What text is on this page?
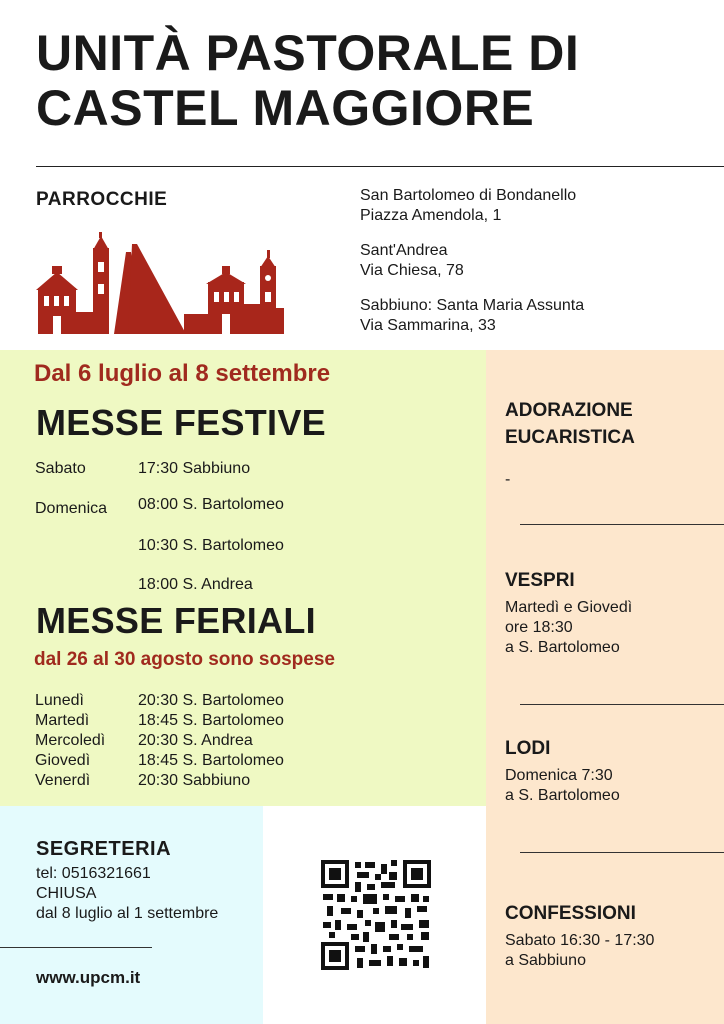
UNITÀ PASTORALE DI
CASTEL MAGGIORE
PARROCCHIE	San Bartolomeo di Bondanello
Piazza Amendola, 1
Sant'Andrea
Via Chiesa, 78
Sabbiuno: Santa Maria Assunta
Via Sammarina, 33
Dal 6 luglio al 8 settembre
MESSE FESTIVE
Sabato	17:30 Sabbiuno
Domenica 08:00 S. Bartolomeo
10:30 S. Bartolomeo
18:00 S. Andrea
MESSE FERIALI
dal 26 al 30 agosto sono sospese
Lunedì	20:30 S. Bartolomeo
Martedì	18:45 S. Bartolomeo
Mercoledì 20:30 S. Andrea
Giovedì	18:45 S. Bartolomeo
Venerdì	20:30 Sabbiuno
ADORAZIONE
EUCARISTICA
-
VESPRI
Martedì e Giovedì
ore 18:30
a S. Bartolomeo
LODI
Domenica 7:30
a S. Bartolomeo
CONFESSIONI
Sabato 16:30 - 17:30
a Sabbiuno
SEGRETERIA
tel: 0516321661
CHIUSA
dal 8 luglio al 1 settembre
www.upcm.it
